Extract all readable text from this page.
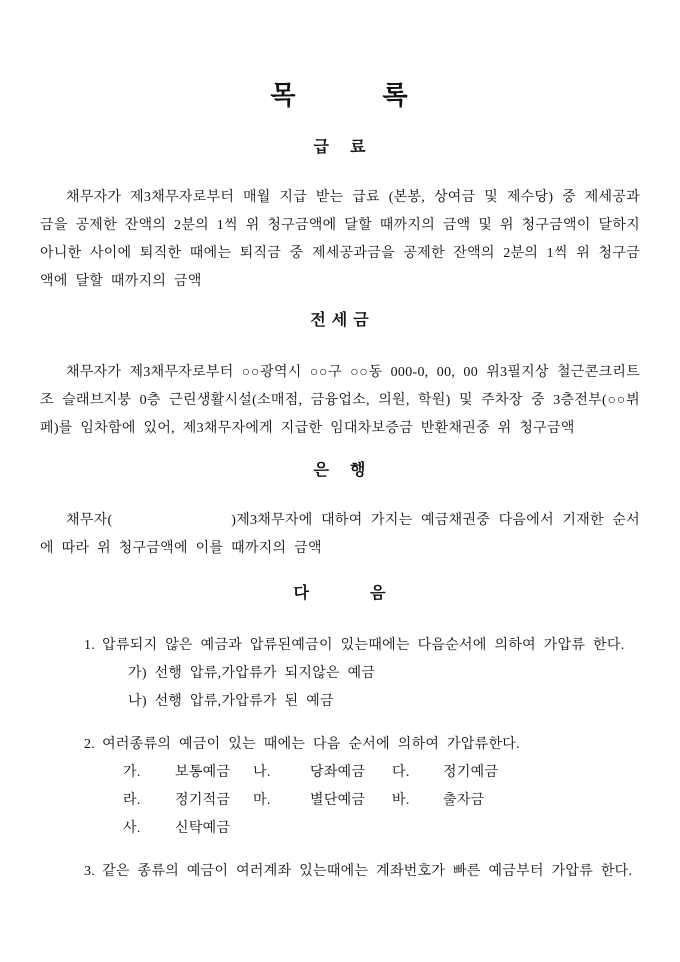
목          록
급    료

채무자가 제3채무자로부터 매월 지급 받는 급료 (본봉, 상여금 및 제수당) 중 제세공과금을 공제한 잔액의 2분의 1씩 위 청구금액에 달할 때까지의 금액 및 위 청구금액이 달하지 아니한 사이에 퇴직한 때에는 퇴직금 중 제세공과금을 공제한 잔액의 2분의 1씩 위 청구금액에 달할 때까지의 금액

전 세 금

채무자가 제3채무자로부터 ○○광역시 ○○구 ○○동 000-0, 00, 00 위3필지상 철근콘크리트조 슬래브지붕 0층 근린생활시설(소매점, 금융업소, 의원, 학원) 및 주차장 중 3층전부(○○뷔페)를 임차함에 있어, 제3채무자에게 지급한 임대차보증금 반환채권중 위 청구금액

은    행

채무자(              )제3채무자에 대하여 가지는 예금채권중 다음에서 기재한 순서에 따라 위 청구금액에 이를 때까지의 금액

다            음
1. 압류되지 않은 예금과 압류된예금이 있는때에는 다음순서에 의하여 가압류 한다.
가) 선행 압류,가압류가 되지않은 예금
나) 선행 압류,가압류가 된 예금
2. 여러종류의 예금이 있는 때에는 다음 순서에 의하여 가압류한다.
가.	보통예금	나.	당좌예금	다.	정기예금
라.	정기적금	마.	별단예금	바.	출자금
사.	신탁예금
3. 같은 종류의 예금이 여러계좌 있는때에는 계좌번호가 빠른 예금부터 가압류 한다.
